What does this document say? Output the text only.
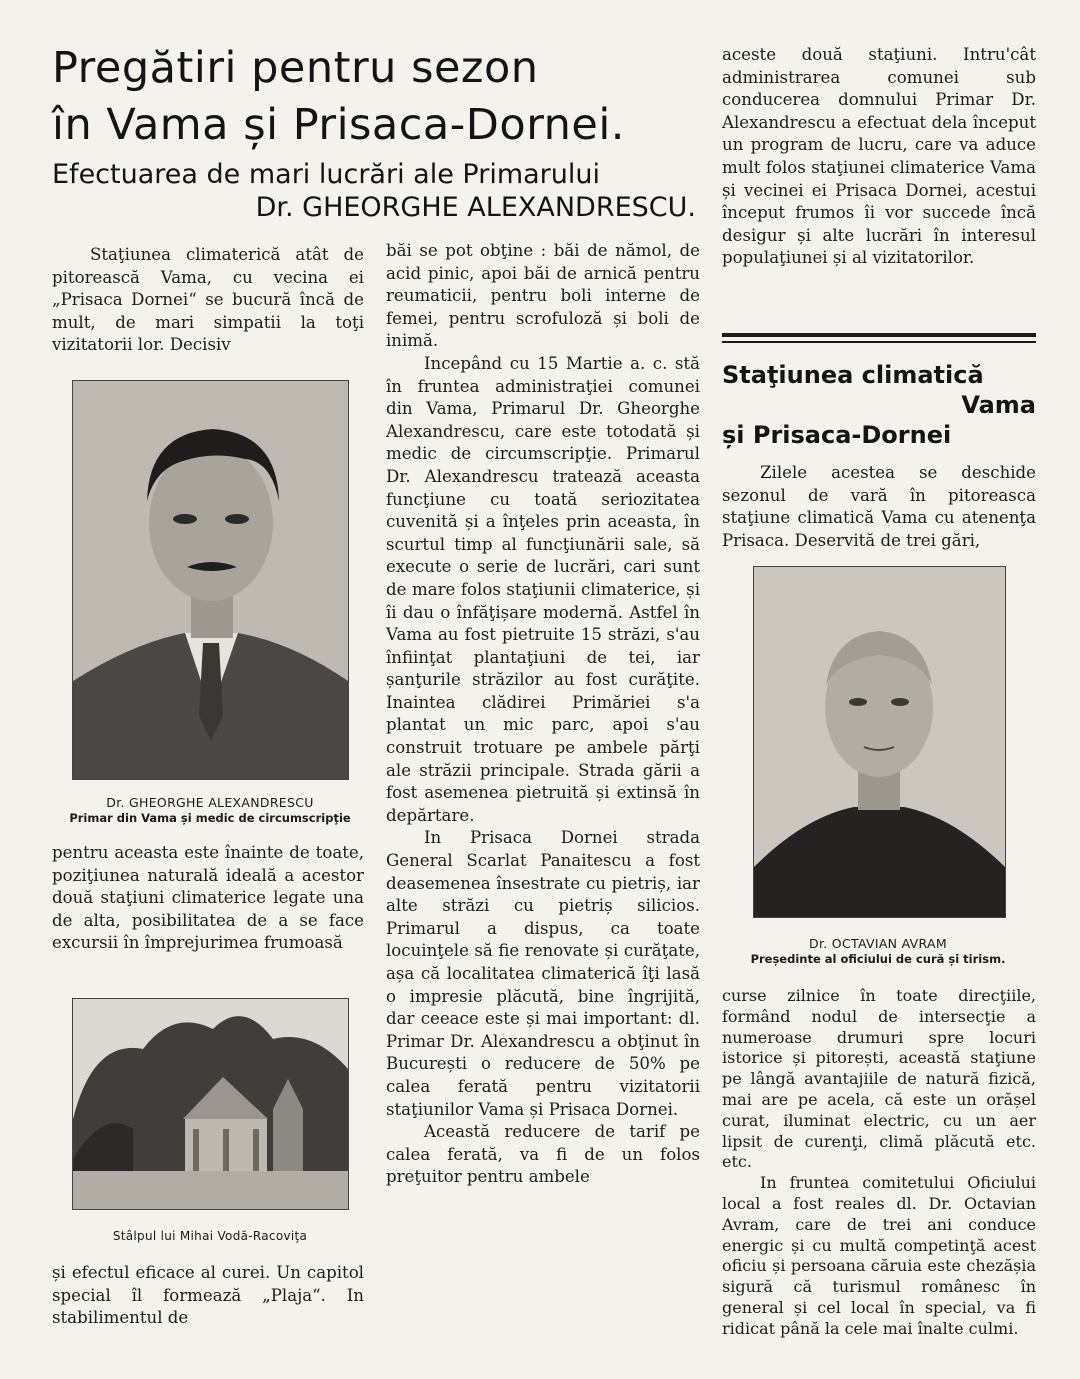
Pregătiri pentru sezon
în Vama și Prisaca-Dornei.
Efectuarea de mari lucrări ale Primarului
Dr. GHEORGHE ALEXANDRESCU.

Staţiunea climaterică atât de pitorească Vama, cu vecina ei „Prisaca Dornei“ se bucură încă de mult, de mari simpatii la toţi vizitatorii lor. Decisiv

Dr. GHEORGHE ALEXANDRESCU
Primar din Vama și medic de circumscripţie

pentru aceasta este înainte de toate, poziţiunea naturală ideală a acestor două staţiuni climaterice legate una de alta, posibilitatea de a se face excursii în împrejurimea frumoasă

Stâlpul lui Mihai Vodă-Racoviţa

și efectul eficace al curei. Un capitol special îl formează „Plaja“. In stabilimentul de

băi se pot obţine : băi de nămol, de acid pinic, apoi băi de arnică pentru reumaticii, pentru boli interne de femei, pentru scrofuloză și boli de inimă.

Incepând cu 15 Martie a. c. stă în fruntea administraţiei comunei din Vama, Primarul Dr. Gheorghe Alexandrescu, care este totodată și medic de circumscripţie. Primarul Dr. Alexandrescu tratează aceasta funcţiune cu toată seriozitatea cuvenită și a înţeles prin aceasta, în scurtul timp al funcţiunării sale, să execute o serie de lucrări, cari sunt de mare folos staţiunii climaterice, și îi dau o înfăţișare modernă. Astfel în Vama au fost pietruite 15 străzi, s'au înfiinţat plantaţiuni de tei, iar șanţurile străzilor au fost curăţite. Inaintea clădirei Primăriei s'a plantat un mic parc, apoi s'au construit trotuare pe ambele părţi ale străzii principale. Strada gării a fost asemenea pietruită și extinsă în depărtare.

In Prisaca Dornei strada General Scarlat Panaitescu a fost deasemenea însestrate cu pietriș, iar alte străzi cu pietriș silicios. Primarul a dispus, ca toate locuinţele să fie renovate și curăţate, așa că localitatea climaterică îţi lasă o impresie plăcută, bine îngrijită, dar ceeace este și mai important: dl. Primar Dr. Alexandrescu a obţinut în București o reducere de 50% pe calea ferată pentru vizitatorii staţiunilor Vama și Prisaca Dornei.

Această reducere de tarif pe calea ferată, va fi de un folos preţuitor pentru ambele

aceste două staţiuni. Intru'cât administrarea comunei sub conducerea domnului Primar Dr. Alexandrescu a efectuat dela început un program de lucru, care va aduce mult folos staţiunei climaterice Vama și vecinei ei Prisaca Dornei, acestui început frumos îi vor succede încă desigur și alte lucrări în interesul populaţiunei și al vizitatorilor.

Staţiunea climatică
Vama
și Prisaca-Dornei

Zilele acestea se deschide sezonul de vară în pitoreasca staţiune climatică Vama cu atenenţa Prisaca. Deservită de trei gări,

Dr. OCTAVIAN AVRAM
Președinte al oficiului de cură și tirism.

curse zilnice în toate direcţiile, formând nodul de intersecţie a numeroase drumuri spre locuri istorice și pitorești, această staţiune pe lângă avantajiile de natură fizică, mai are pe acela, că este un orășel curat, iluminat electric, cu un aer lipsit de curenţi, climă plăcută etc. etc.

In fruntea comitetului Oficiului local a fost reales dl. Dr. Octavian Avram, care de trei ani conduce energic și cu multă competinţă acest oficiu și persoana căruia este chezășia sigură că turismul românesc în general și cel local în special, va fi ridicat până la cele mai înalte culmi.
